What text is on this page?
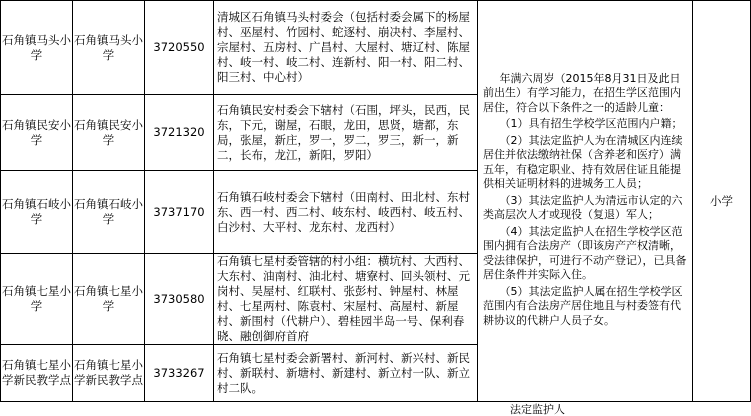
石角镇马头小学
石角镇马头小学
3720550
清城区石角镇马头村委会（包括村委会属下的杨屋村、巫屋村、竹园村、蛇逐村、崩决村、李屋村、宗屋村、五房村、广昌村、大屋村、塘辽村、陈屋村、岐一村、岐二村、连新村、阳一村、阳二村、阳三村、中心村）
石角镇民安小学
石角镇民安小学
3721320
石角镇民安村委会下辖村（石围，坪头，民西，民东，下元，谢屋，石眼，龙田，思贤，塘都，东局，张屋，新庄，罗一，罗二，罗三，新一，新二，长布，龙江，新阳，罗阳）
石角镇石岐小学
石角镇石岐小学
3737170
石角镇石岐村委会下辖村（田南村、田北村、东村东、西一村、西二村、岐东村、岐西村、岐五村、白沙村、大平村、龙东村、龙西村）
石角镇七星小学
石角镇七星小学
3730580
石角镇七星村委管辖的村小组：横坑村、大西村、大东村、油南村、油北村、塘寮村、回头领村、元岗村、吴屋村、红联村、张彭村、钟屋村、林屋村、七星两村、陈袁村、宋屋村、高屋村、新屋村、新围村（代耕户）、碧桂园半岛一号、保利春晓、融创御府首府
石角镇七星小学新民教学点
石角镇七星小学新民教学点
3733267
石角镇七星村委会新署村、新河村、新兴村、新民村、新联村、新塘村、新建村、新立村一队、新立村二队。

年满六周岁（2015年8月31日及此日前出生）有学习能力，在招生学区范围内居住，符合以下条件之一的适龄儿童：

（1）具有招生学校学区范围内户籍；

（2）其法定监护人为在清城区内连续居住并依法缴纳社保（含养老和医疗）满五年，有稳定职业、持有效居住证且能提供相关证明材料的进城务工人员；

（3）其法定监护人为清远市认定的六类高层次人才或现役（复退）军人；

（4）其法定监护人在招生学校学区范围内拥有合法房产（即该房产产权清晰，受法律保护，可进行不动产登记），已具备居住条件并实际入住。

（5）其法定监护人属在招生学校学区范围内有合法房产居住地且与村委签有代耕协议的代耕户人员子女。

小学
法定监护人
